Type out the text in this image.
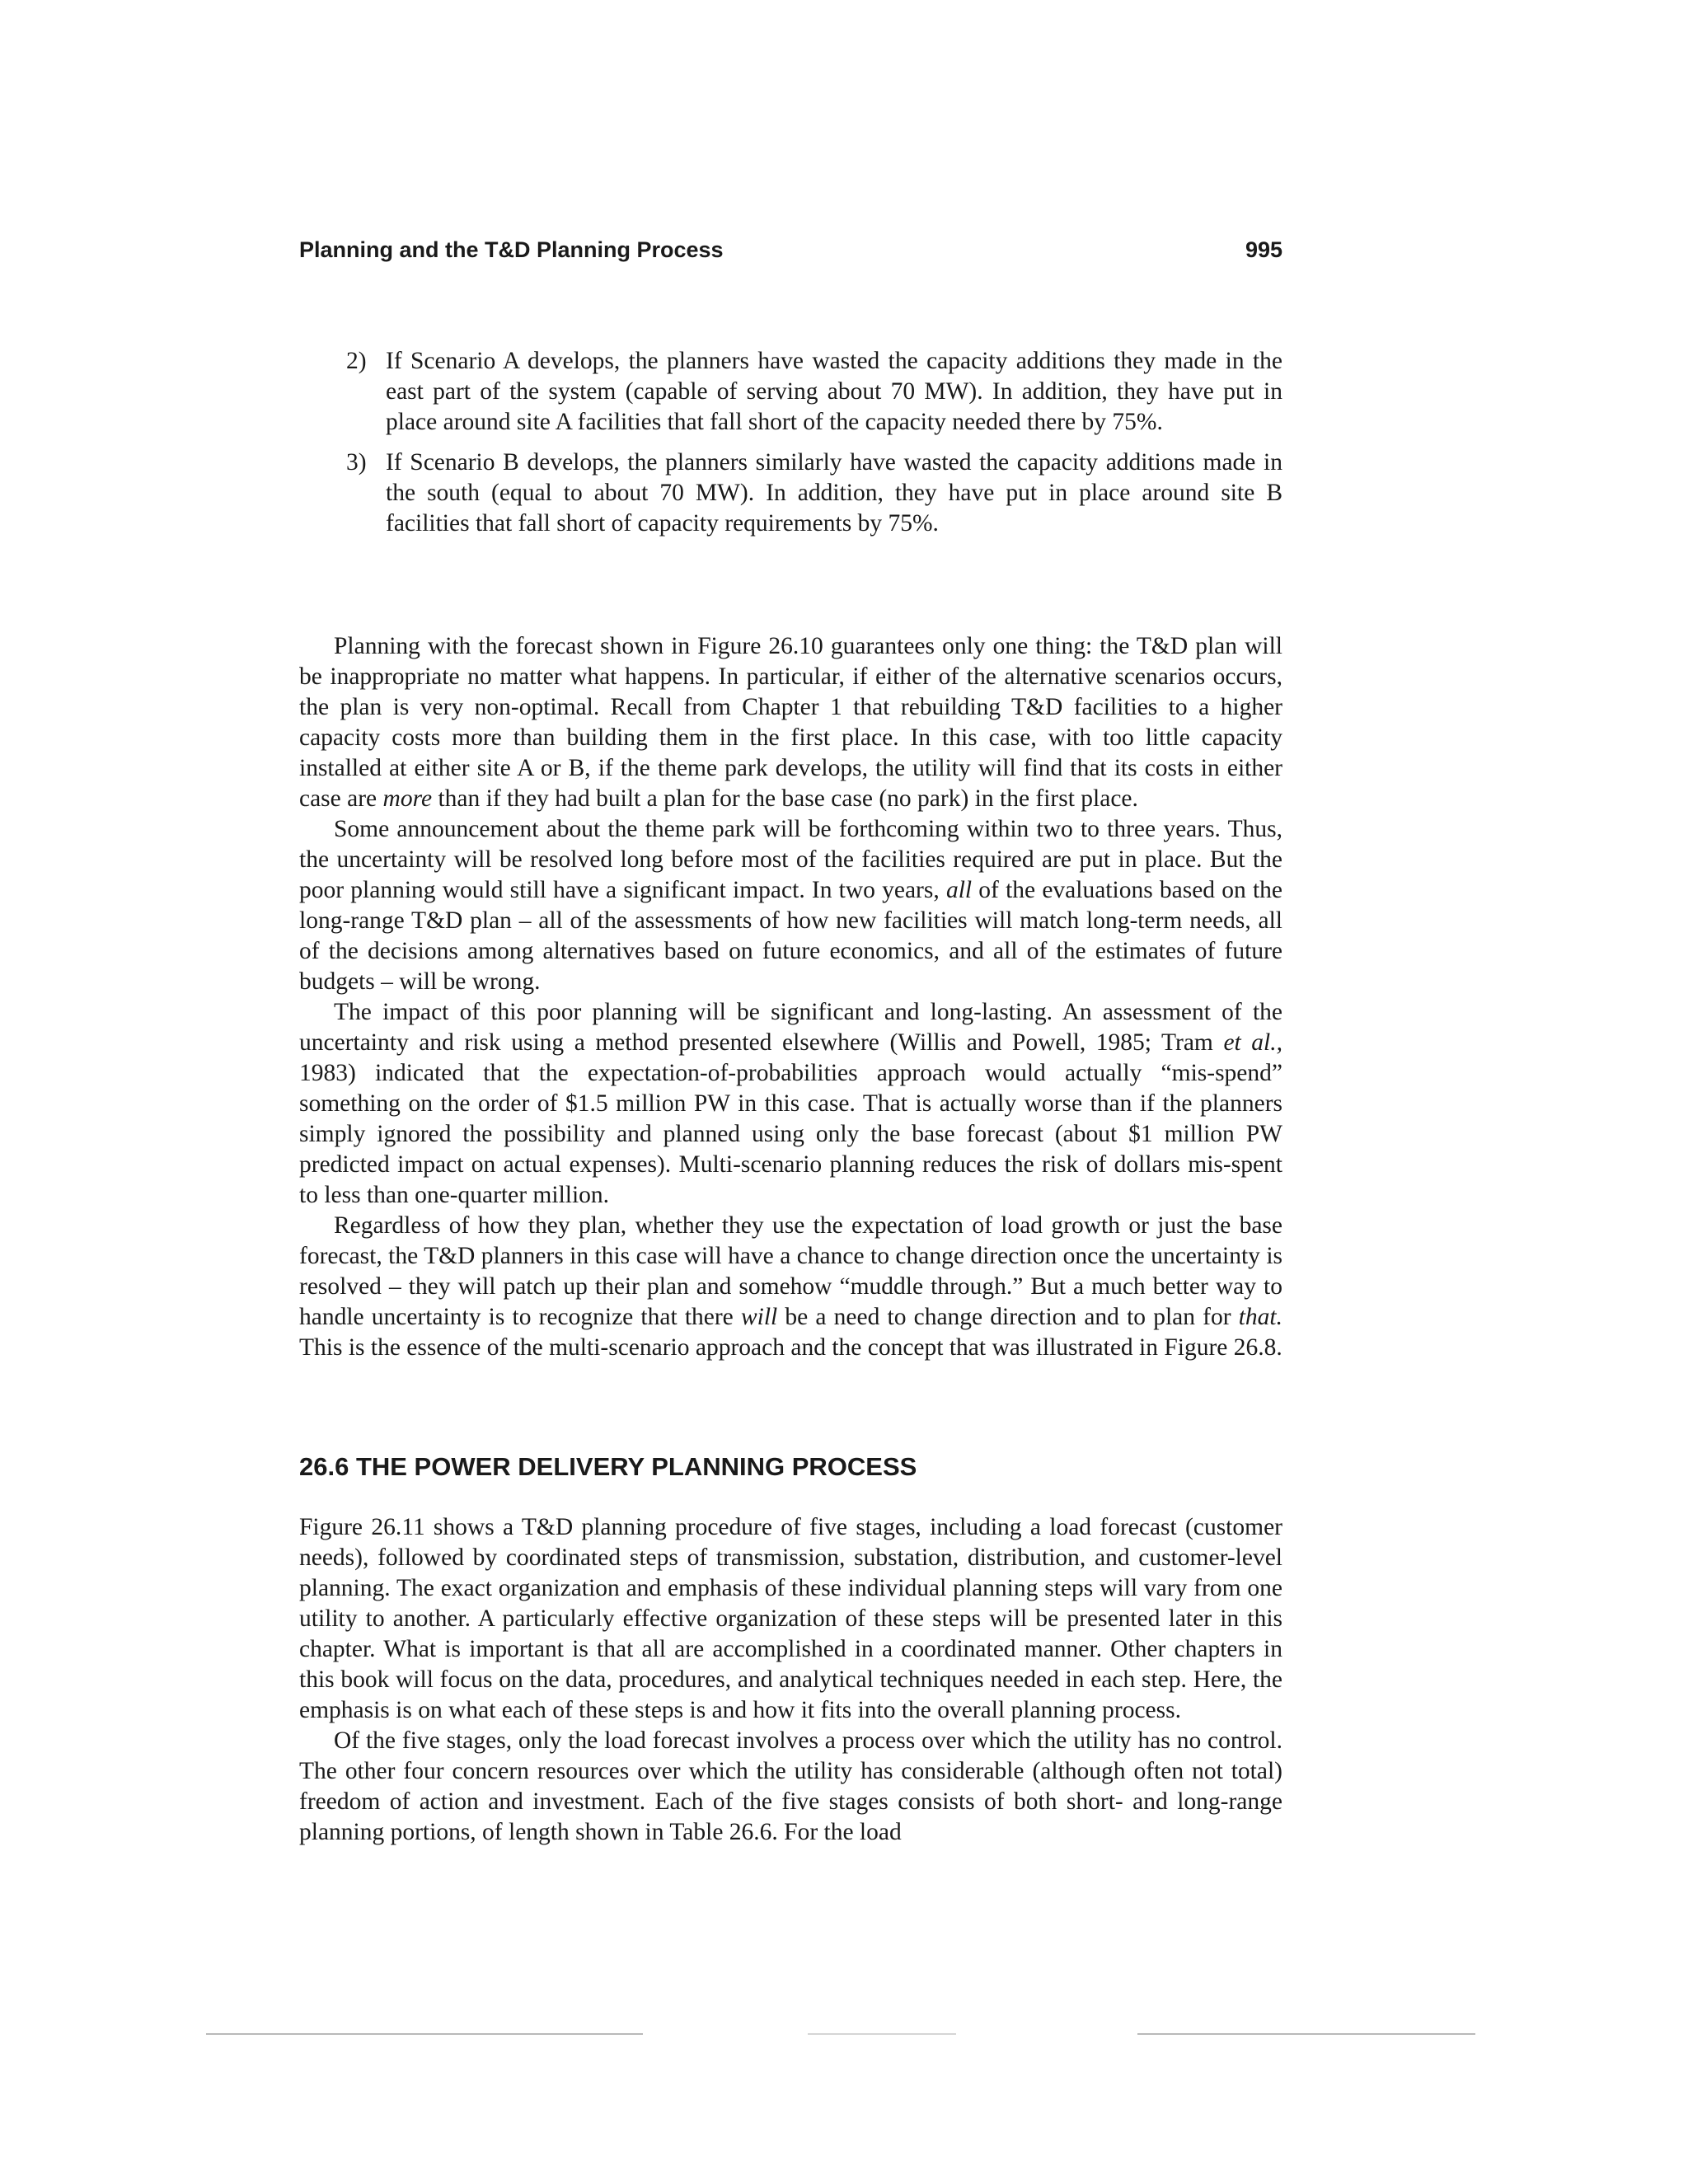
Planning and the T&D Planning Process	995
2) If Scenario A develops, the planners have wasted the capacity additions they made in the east part of the system (capable of serving about 70 MW). In addition, they have put in place around site A facilities that fall short of the capacity needed there by 75%.
3) If Scenario B develops, the planners similarly have wasted the capacity additions made in the south (equal to about 70 MW). In addition, they have put in place around site B facilities that fall short of capacity requirements by 75%.

Planning with the forecast shown in Figure 26.10 guarantees only one thing: the T&D plan will be inappropriate no matter what happens. In particular, if either of the alternative scenarios occurs, the plan is very non-optimal. Recall from Chapter 1 that rebuilding T&D facilities to a higher capacity costs more than building them in the first place. In this case, with too little capacity installed at either site A or B, if the theme park develops, the utility will find that its costs in either case are more than if they had built a plan for the base case (no park) in the first place.

Some announcement about the theme park will be forthcoming within two to three years. Thus, the uncertainty will be resolved long before most of the facilities required are put in place. But the poor planning would still have a significant impact. In two years, all of the evaluations based on the long-range T&D plan – all of the assessments of how new facilities will match long-term needs, all of the decisions among alternatives based on future economics, and all of the estimates of future budgets – will be wrong.

The impact of this poor planning will be significant and long-lasting. An assessment of the uncertainty and risk using a method presented elsewhere (Willis and Powell, 1985; Tram et al., 1983) indicated that the expectation-of-probabilities approach would actually “mis-spend” something on the order of $1.5 million PW in this case. That is actually worse than if the planners simply ignored the possibility and planned using only the base forecast (about $1 million PW predicted impact on actual expenses). Multi-scenario planning reduces the risk of dollars mis-spent to less than one-quarter million.

Regardless of how they plan, whether they use the expectation of load growth or just the base forecast, the T&D planners in this case will have a chance to change direction once the uncertainty is resolved – they will patch up their plan and somehow “muddle through.” But a much better way to handle uncertainty is to recognize that there will be a need to change direction and to plan for that. This is the essence of the multi-scenario approach and the concept that was illustrated in Figure 26.8.

26.6 THE POWER DELIVERY PLANNING PROCESS

Figure 26.11 shows a T&D planning procedure of five stages, including a load forecast (customer needs), followed by coordinated steps of transmission, substation, distribution, and customer-level planning. The exact organization and emphasis of these individual planning steps will vary from one utility to another. A particularly effective organization of these steps will be presented later in this chapter. What is important is that all are accomplished in a coordinated manner. Other chapters in this book will focus on the data, procedures, and analytical techniques needed in each step. Here, the emphasis is on what each of these steps is and how it fits into the overall planning process.

Of the five stages, only the load forecast involves a process over which the utility has no control. The other four concern resources over which the utility has considerable (although often not total) freedom of action and investment. Each of the five stages consists of both short- and long-range planning portions, of length shown in Table 26.6. For the load
